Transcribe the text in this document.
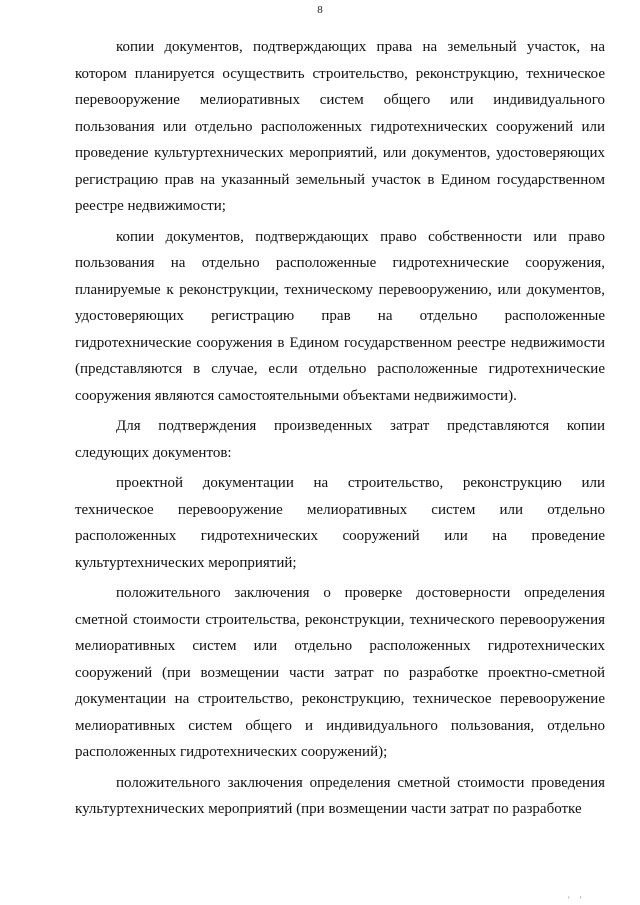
8

копии документов, подтверждающих права на земельный участок, на котором планируется осуществить строительство, реконструкцию, техническое перевооружение мелиоративных систем общего или индивидуального пользования или отдельно расположенных гидротехнических сооружений или проведение культуртехнических мероприятий, или документов, удостоверяющих регистрацию прав на указанный земельный участок в Едином государственном реестре недвижимости;

копии документов, подтверждающих право собственности или право пользования на отдельно расположенные гидротехнические сооружения, планируемые к реконструкции, техническому перевооружению, или документов, удостоверяющих регистрацию прав на отдельно расположенные гидротехнические сооружения в Едином государственном реестре недвижимости (представляются в случае, если отдельно расположенные гидротехнические сооружения являются самостоятельными объектами недвижимости).

Для подтверждения произведенных затрат представляются копии следующих документов:

проектной документации на строительство, реконструкцию или техническое перевооружение мелиоративных систем или отдельно расположенных гидротехнических сооружений или на проведение культуртехнических мероприятий;

положительного заключения о проверке достоверности определения сметной стоимости строительства, реконструкции, технического перевооружения мелиоративных систем или отдельно расположенных гидротехнических сооружений (при возмещении части затрат по разработке проектно-сметной документации на строительство, реконструкцию, техническое перевооружение мелиоративных систем общего и индивидуального пользования, отдельно расположенных гидротехнических сооружений);

положительного заключения определения сметной стоимости проведения культуртехнических мероприятий (при возмещении части затрат по разработке

' '
